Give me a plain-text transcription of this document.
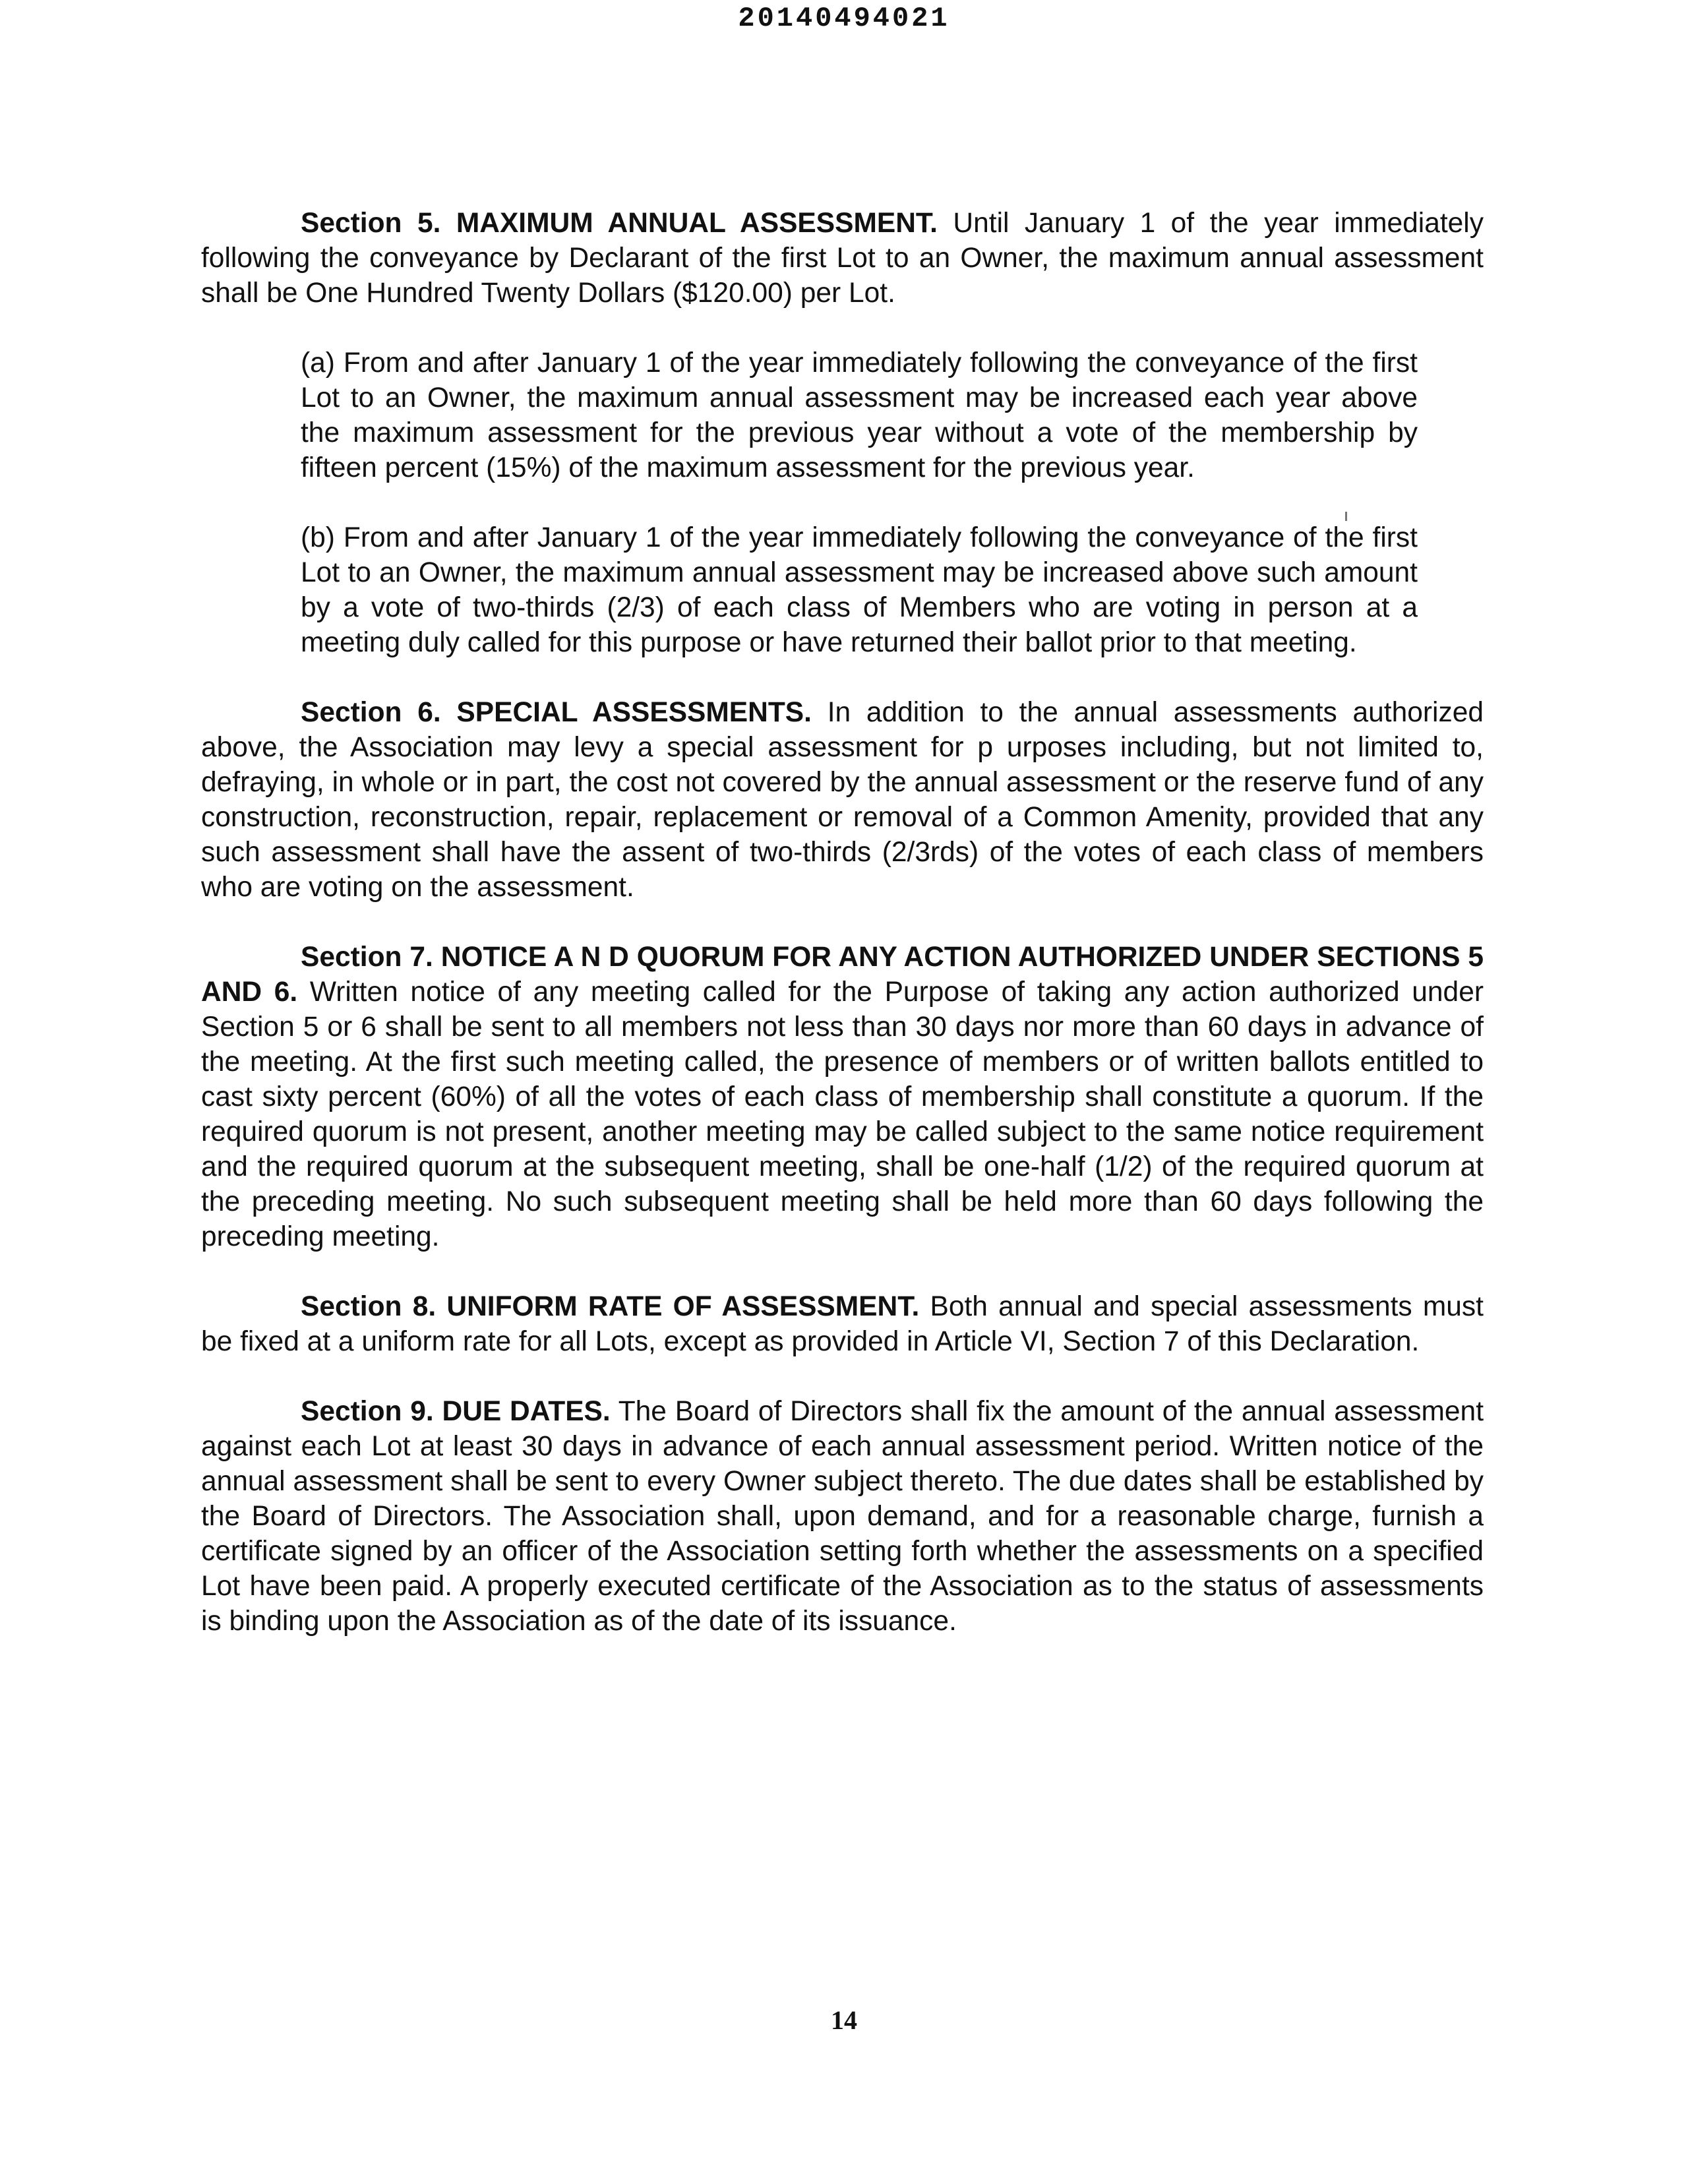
20140494021

Section 5. MAXIMUM ANNUAL ASSESSMENT. Until January 1 of the year immediately following the conveyance by Declarant of the first Lot to an Owner, the maximum annual assessment shall be One Hundred Twenty Dollars ($120.00) per Lot.

(a) From and after January 1 of the year immediately following the conveyance of the first Lot to an Owner, the maximum annual assessment may be increased each year above the maximum assessment for the previous year without a vote of the membership by fifteen percent (15%) of the maximum assessment for the previous year.

(b) From and after January 1 of the year immediately following the conveyance of the first Lot to an Owner, the maximum annual assessment may be increased above such amount by a vote of two-thirds (2/3) of each class of Members who are voting in person at a meeting duly called for this purpose or have returned their ballot prior to that meeting.

Section 6. SPECIAL ASSESSMENTS. In addition to the annual assessments authorized above, the Association may levy a special assessment for p urposes including, but not limited to, defraying, in whole or in part, the cost not covered by the annual assessment or the reserve fund of any construction, reconstruction, repair, replacement or removal of a Common Amenity, provided that any such assessment shall have the assent of two-thirds (2/3rds) of the votes of each class of members who are voting on the assessment.

Section 7. NOTICE A N D QUORUM FOR ANY ACTION AUTHORIZED UNDER SECTIONS 5 AND 6. Written notice of any meeting called for the Purpose of taking any action authorized under Section 5 or 6 shall be sent to all members not less than 30 days nor more than 60 days in advance of the meeting. At the first such meeting called, the presence of members or of written ballots entitled to cast sixty percent (60%) of all the votes of each class of membership shall constitute a quorum. If the required quorum is not present, another meeting may be called subject to the same notice requirement and the required quorum at the subsequent meeting, shall be one-half (1/2) of the required quorum at the preceding meeting. No such subsequent meeting shall be held more than 60 days following the preceding meeting.

Section 8. UNIFORM RATE OF ASSESSMENT. Both annual and special assessments must be fixed at a uniform rate for all Lots, except as provided in Article VI, Section 7 of this Declaration.

Section 9. DUE DATES. The Board of Directors shall fix the amount of the annual assessment against each Lot at least 30 days in advance of each annual assessment period. Written notice of the annual assessment shall be sent to every Owner subject thereto. The due dates shall be established by the Board of Directors. The Association shall, upon demand, and for a reasonable charge, furnish a certificate signed by an officer of the Association setting forth whether the assessments on a specified Lot have been paid. A properly executed certificate of the Association as to the status of assessments is binding upon the Association as of the date of its issuance.

14
